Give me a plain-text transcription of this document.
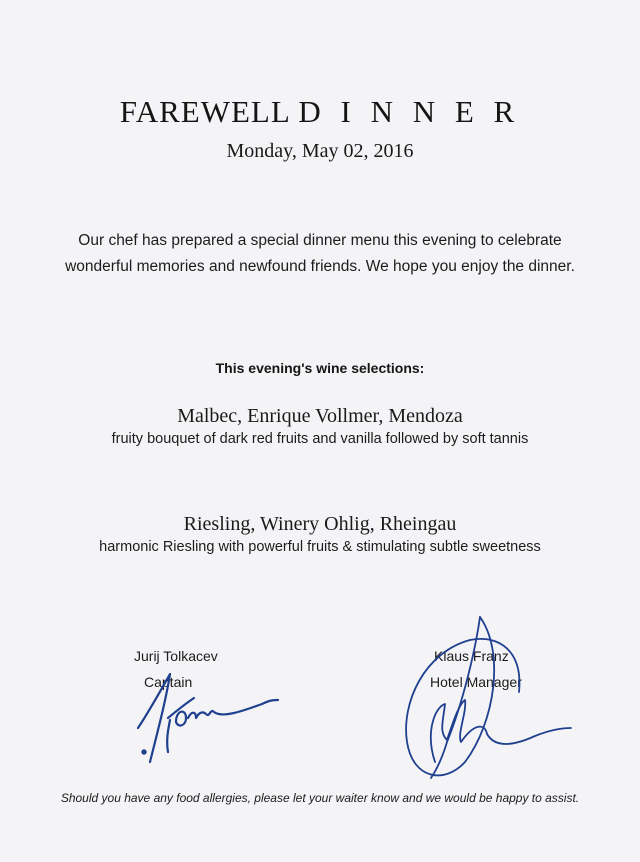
FAREWELL D I N N E R
Monday, May 02, 2016
Our chef has prepared a special dinner menu this evening to celebrate
wonderful memories and newfound friends. We hope you enjoy the dinner.
This evening's wine selections:
Malbec, Enrique Vollmer, Mendoza
fruity bouquet of dark red fruits and vanilla followed by soft tannis
Riesling, Winery Ohlig, Rheingau
harmonic Riesling with powerful fruits & stimulating subtle sweetness
Jurij Tolkacev
Captain
Klaus Franz
Hotel Manager
Should you have any food allergies, please let your waiter know and we would be happy to assist.
